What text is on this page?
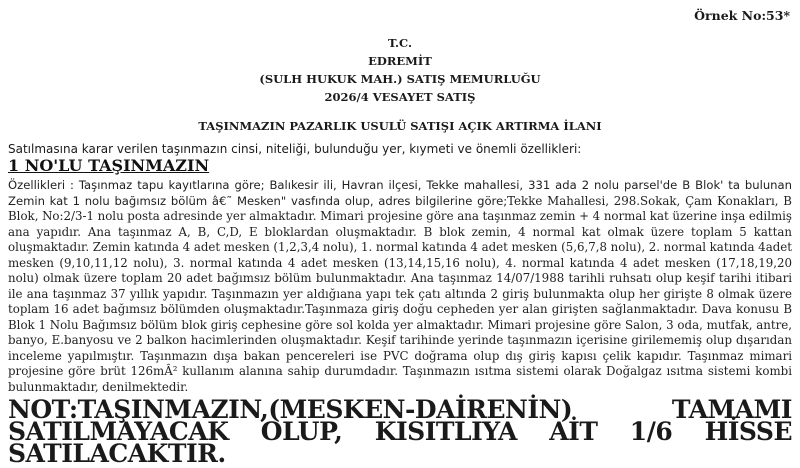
Örnek No:53*
T.C.
EDREMİT
(SULH HUKUK MAH.) SATIŞ MEMURLUĞU
2026/4 VESAYET SATIŞ
TAŞINMAZIN PAZARLIK USULÜ SATIŞI AÇIK ARTIRMA İLANI
Satılmasına karar verilen taşınmazın cinsi, niteliği, bulunduğu yer, kıymeti ve önemli özellikleri:
1 NO'LU TAŞINMAZIN
Özellikleri : Taşınmaz tapu kayıtlarına göre; Balıkesir ili, Havran ilçesi, Tekke mahallesi, 331 ada 2 nolu parsel'de B Blok' ta bulunan Zemin kat 1 nolu bağımsız bölüm â€˜ Mesken" vasfında olup, adres bilgilerine göre;Tekke Mahallesi, 298.Sokak, Çam Konakları, B Blok, No:2/3-1 nolu posta adresinde yer almaktadır. Mimari projesine göre ana taşınmaz zemin + 4 normal kat üzerine inşa edilmiş ana yapıdır. Ana taşınmaz A, B, C,D, E bloklardan oluşmaktadır. B blok zemin, 4 normal kat olmak üzere toplam 5 kattan oluşmaktadır. Zemin katında 4 adet mesken (1,2,3,4 nolu), 1. normal katında 4 adet mesken (5,6,7,8 nolu), 2. normal katında 4adet mesken (9,10,11,12 nolu), 3. normal katında 4 adet mesken (13,14,15,16 nolu), 4. normal katında 4 adet mesken (17,18,19,20 nolu) olmak üzere toplam 20 adet bağımsız bölüm bulunmaktadır. Ana taşınmaz 14/07/1988 tarihli ruhsatı olup keşif tarihi itibari ile ana taşınmaz 37 yıllık yapıdır. Taşınmazın yer aldığıana yapı tek çatı altında 2 giriş bulunmakta olup her girişte 8 olmak üzere toplam 16 adet bağımsız bölümden oluşmaktadır.Taşınmaza giriş doğu cepheden yer alan girişten sağlanmaktadır. Dava konusu B Blok 1 Nolu Bağımsız bölüm blok giriş cephesine göre sol kolda yer almaktadır. Mimari projesine göre Salon, 3 oda, mutfak, antre, banyo, E.banyosu ve 2 balkon hacimlerinden oluşmaktadır. Keşif tarihinde yerinde taşınmazın içerisine girilememiş olup dışarıdan inceleme yapılmıştır. Taşınmazın dışa bakan pencereleri ise PVC doğrama olup dış giriş kapısı çelik kapıdır. Taşınmaz mimari projesine göre brüt 126mÂ² kullanım alanına sahip durumdadır. Taşınmazın ısıtma sistemi olarak Doğalgaz ısıtma sistemi kombi bulunmaktadır, denilmektedir.
NOT:TAŞINMAZIN,(MESKEN-DAİRENİN) TAMAMI SATILMAYACAK OLUP, KISITLIYA AİT 1/6 HİSSE SATILACAKTIR.
